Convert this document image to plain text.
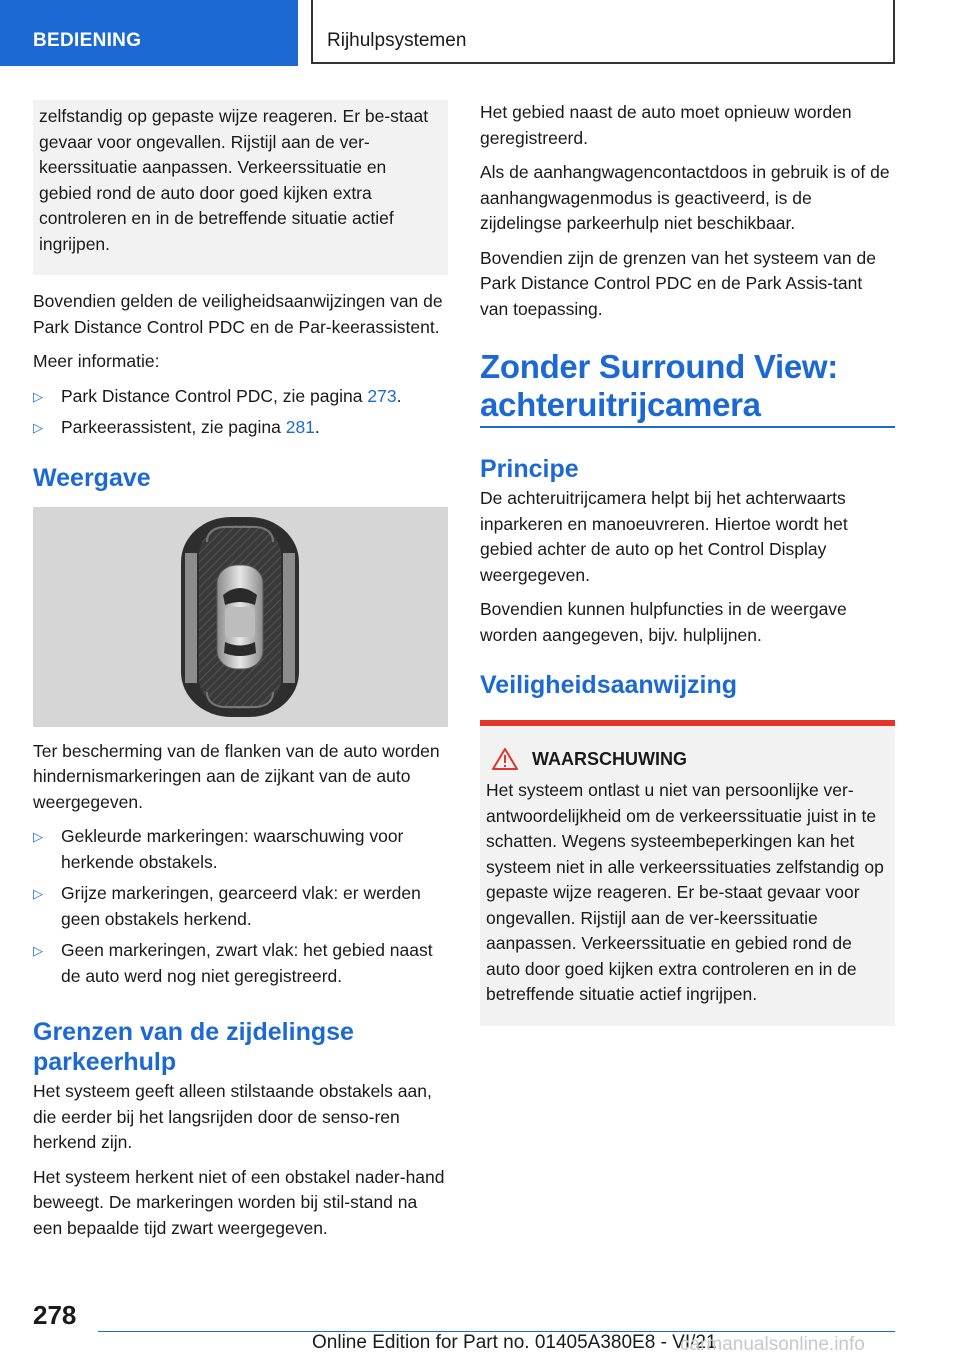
BEDIENING	Rijhulpsystemen

zelfstandig op gepaste wijze reageren. Er be-staat gevaar voor ongevallen. Rijstijl aan de ver-keerssituatie aanpassen. Verkeerssituatie en gebied rond de auto door goed kijken extra controleren en in de betreffende situatie actief ingrijpen.

Bovendien gelden de veiligheidsaanwijzingen van de Park Distance Control PDC en de Par-keerassistent.

Meer informatie:

▷ Park Distance Control PDC, zie pagina 273.
▷ Parkeerassistent, zie pagina 281.
Weergave

Ter bescherming van de flanken van de auto worden hindernismarkeringen aan de zijkant van de auto weergegeven.

▷ Gekleurde markeringen: waarschuwing voor herkende obstakels.
▷ Grijze markeringen, gearceerd vlak: er werden geen obstakels herkend.
▷ Geen markeringen, zwart vlak: het gebied naast de auto werd nog niet geregistreerd.
Grenzen van de zijdelingse parkeerhulp

Het systeem geeft alleen stilstaande obstakels aan, die eerder bij het langsrijden door de senso-ren herkend zijn.

Het systeem herkent niet of een obstakel nader-hand beweegt. De markeringen worden bij stil-stand na een bepaalde tijd zwart weergegeven.

Het gebied naast de auto moet opnieuw worden geregistreerd.

Als de aanhangwagencontactdoos in gebruik is of de aanhangwagenmodus is geactiveerd, is de zijdelingse parkeerhulp niet beschikbaar.

Bovendien zijn de grenzen van het systeem van de Park Distance Control PDC en de Park Assis-tant van toepassing.

Zonder Surround View: achteruitrijcamera
Principe

De achteruitrijcamera helpt bij het achterwaarts inparkeren en manoeuvreren. Hiertoe wordt het gebied achter de auto op het Control Display weergegeven.

Bovendien kunnen hulpfuncties in de weergave worden aangegeven, bijv. hulplijnen.

Veiligheidsaanwijzing
WAARSCHUWING

Het systeem ontlast u niet van persoonlijke ver-antwoordelijkheid om de verkeerssituatie juist in te schatten. Wegens systeembeperkingen kan het systeem niet in alle verkeerssituaties zelfstandig op gepaste wijze reageren. Er be-staat gevaar voor ongevallen. Rijstijl aan de ver-keerssituatie aanpassen. Verkeerssituatie en gebied rond de auto door goed kijken extra controleren en in de betreffende situatie actief ingrijpen.

278
Online Edition for Part no. 01405A380E8 - VI/21
carmanualsonline.info
